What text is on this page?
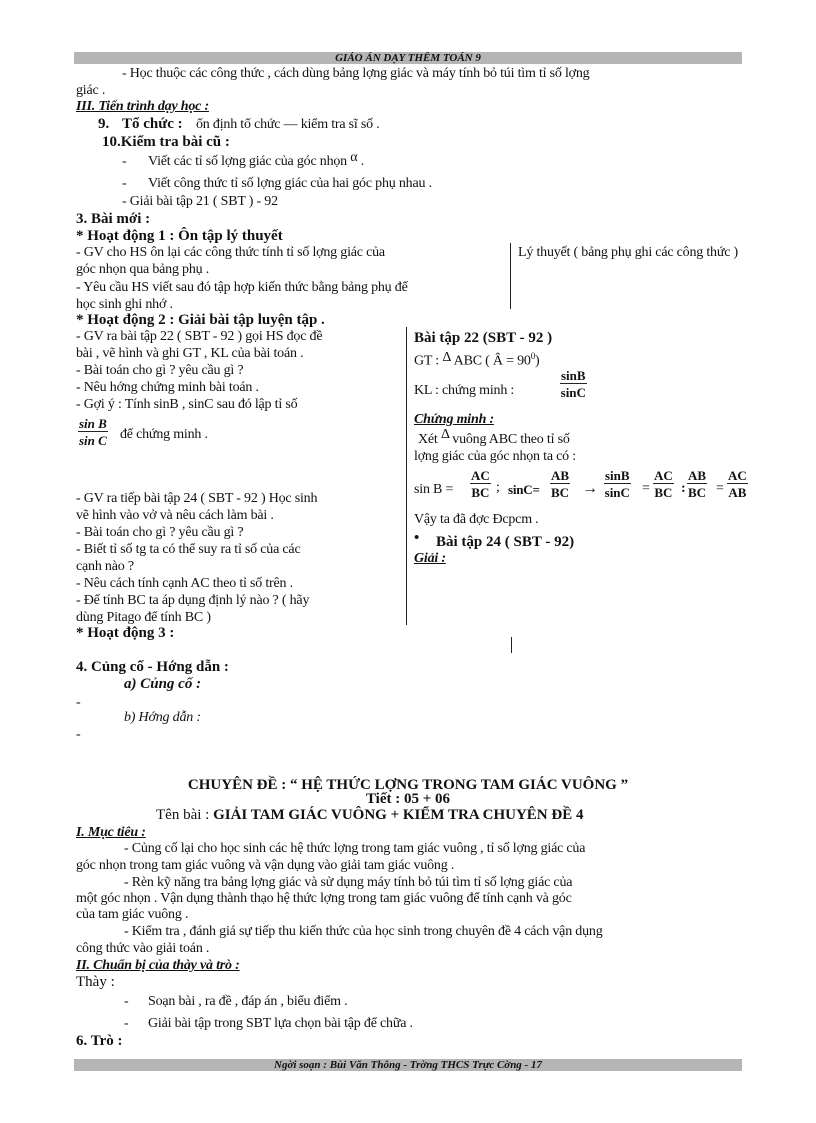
GIÁO ÁN DẠY THÊM TOÁN 9
- Học thuộc các công thức , cách dùng bảng lợng giác và máy tính bỏ túi tìm tỉ số lợng
giác .
III. Tiến trình dạy học :
9. Tổ chức : ổn định tổ chức — kiểm tra sĩ số .
10.Kiểm tra bài cũ :
- Viết các tỉ số lợng giác của góc nhọn α .
- Viết công thức tỉ số lợng giác của hai góc phụ nhau .
- Giải bài tập 21 ( SBT ) - 92
3. Bài mới :
* Hoạt động 1 : Ôn tập lý thuyết
- GV cho HS ôn lại các công thức tính tỉ số lợng giác của
góc nhọn qua bảng phụ .
- Yêu cầu HS viết sau đó tập hợp kiến thức bằng bảng phụ để
học sinh ghi nhớ .
Lý thuyết ( bảng phụ ghi các công thức )
* Hoạt động 2 : Giải bài tập luyện tập .
- GV ra bài tập 22 ( SBT - 92 ) gọi HS đọc đề
bài , vẽ hình và ghi GT , KL của bài toán .
- Bài toán cho gì ? yêu cầu gì ?
- Nêu hớng chứng minh bài toán .
- Gợi ý : Tính sinB , sinC sau đó lập tỉ số
$\frac{\text{sin B}}{\text{sin C}}$ để chứng minh .
- GV ra tiếp bài tập 24 ( SBT - 92 ) Học sinh
vẽ hình vào vở và nêu cách làm bài .
- Bài toán cho gì ? yêu cầu gì ?
- Biết tỉ số tg ta có thể suy ra tỉ số của các
cạnh nào ?
- Nêu cách tính cạnh AC theo tỉ số trên .
- Để tính BC ta áp dụng định lý nào ? ( hãy
dùng Pitago để tính BC )
Bài tập 22 (SBT - 92 )
GT : Δ ABC ( Â = $90^0$)
KL : chứng minh :	$\frac{\sin B}{\sin C}$
Chứng minh :
Xét Δ vuông ABC theo tỉ số
lợng giác của góc nhọn ta có :
$\sin B = \frac{AC}{BC}$ ; $\sin C= \frac{AB}{BC} \to \frac{\sin B}{\sin C} = \frac{AC}{BC}$ : $\frac{AB}{BC} = \frac{AC}{AB}$
Vậy ta đã đợc Đcpcm .
• Bài tập 24 ( SBT - 92)
Giải :
* Hoạt động 3 :
4. Củng cố - Hớng dẫn :
a) Củng cố :
-
b) Hớng dẫn :
-
CHUYÊN ĐỀ : “ HỆ THỨC LỢNG TRONG TAM GIÁC VUÔNG ”
Tiết : 05 + 06
Tên bài : GIẢI TAM GIÁC VUÔNG + KIỂM TRA CHUYÊN ĐỀ 4
I. Mục tiêu :
- Củng cố lại cho học sinh các hệ thức lợng trong tam giác vuông , tỉ số lợng giác của
góc nhọn trong tam giác vuông và vận dụng vào giải tam giác vuông .
- Rèn kỹ năng tra bảng lợng giác và sử dụng máy tính bỏ túi tìm tỉ số lợng giác của
một góc nhọn . Vận dụng thành thạo hệ thức lợng trong tam giác vuông để tính cạnh và góc
của tam giác vuông .
- Kiểm tra , đánh giá sự tiếp thu kiến thức của học sinh trong chuyên đề 4 cách vận dụng
công thức vào giải toán .
II. Chuẩn bị của thày và trò :
Thày :
- Soạn bài , ra đề , đáp án , biểu điểm .
- Giải bài tập trong SBT lựa chọn bài tập để chữa .
6. Trò :
Ngời soạn : Bùi Văn Thông - Trờng THCS Trực Cờng - 17
